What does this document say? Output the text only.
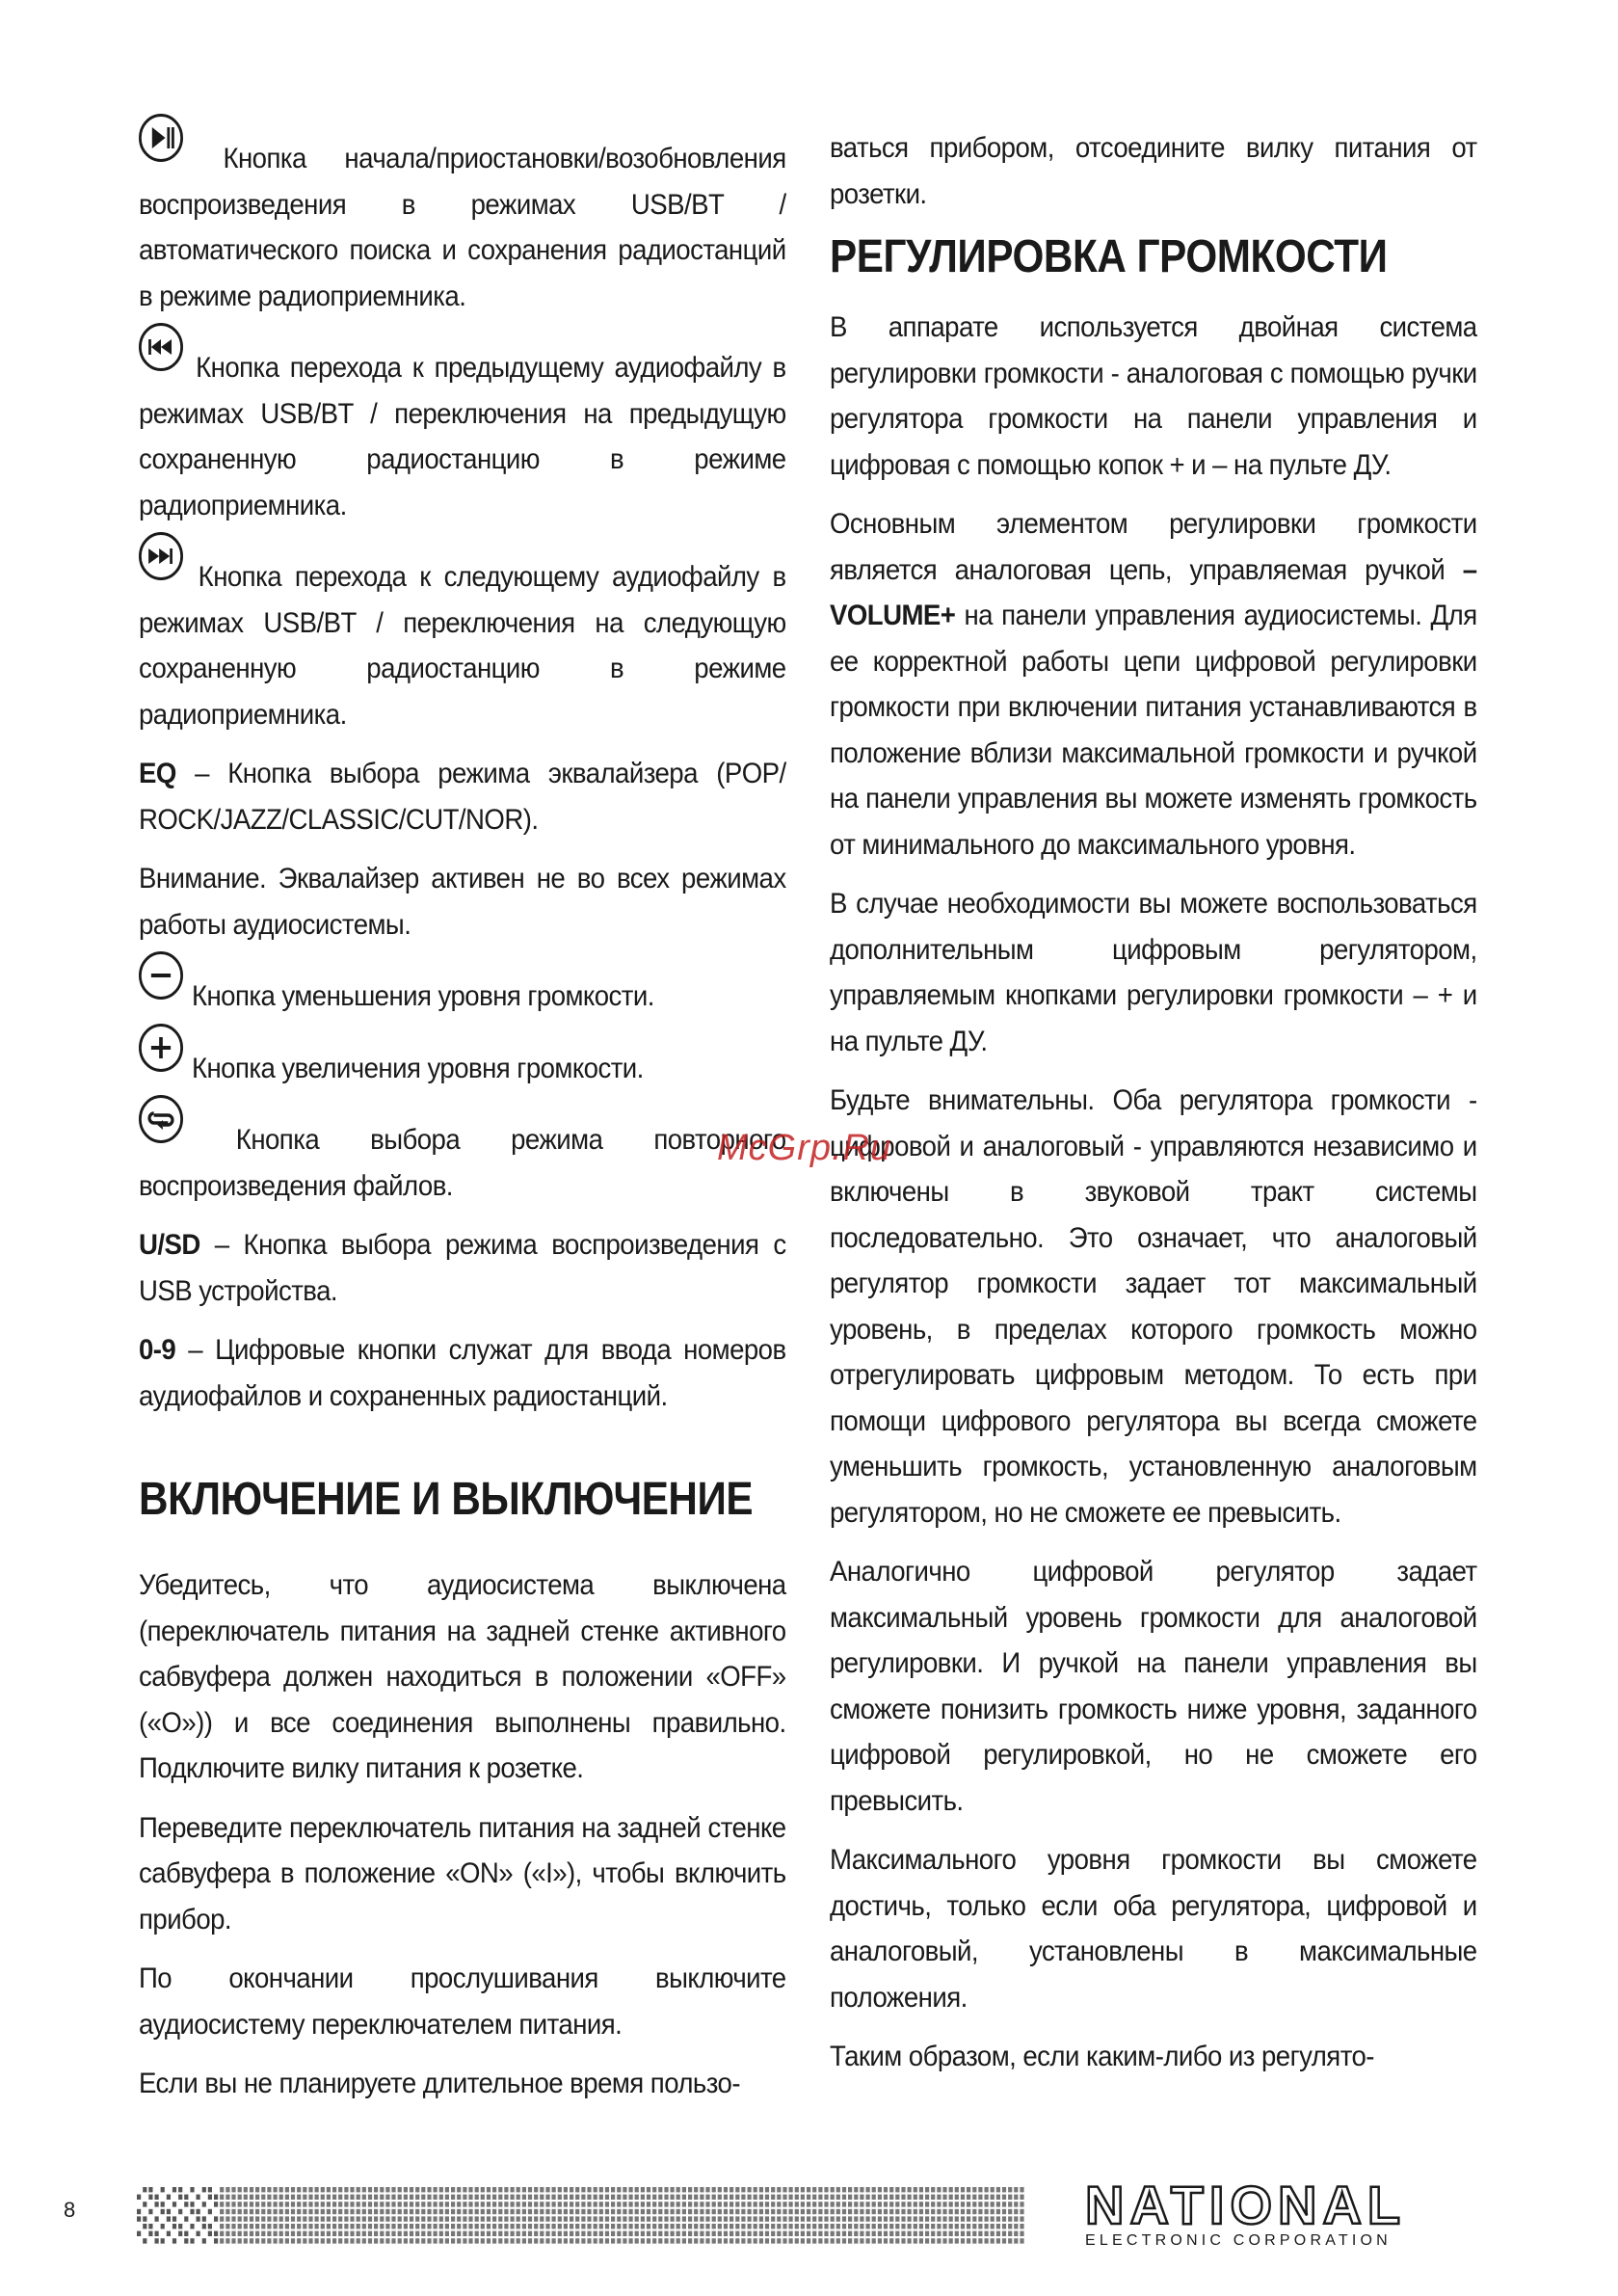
Кнопка начала/приостановки/возобновления воспроизведения в режимах USB/BT / автоматического поиска и сохранения радиостанций в режиме радиоприемника.

Кнопка перехода к предыдущему аудиофайлу в режимах USB/BT / переключения на предыдущую сохраненную радиостанцию в режиме радиоприемника.

Кнопка перехода к следующему аудиофайлу в режимах USB/BT / переключения на следующую сохраненную радиостанцию в режиме радиоприемника.

EQ – Кнопка выбора режима эквалайзера (POP/ ROCK/JAZZ/CLASSIC/CUT/NOR).

Внимание. Эквалайзер активен не во всех режимах работы аудиосистемы.

Кнопка уменьшения уровня громкости.

Кнопка увеличения уровня громкости.

Кнопка выбора режима повторного воспроизведения файлов.

U/SD – Кнопка выбора режима воспроизведения с USB устройства.

0-9 – Цифровые кнопки служат для ввода номеров аудиофайлов и сохраненных радиостанций.

ВКЛЮЧЕНИЕ И ВЫКЛЮЧЕНИЕ

Убедитесь, что аудиосистема выключена (переключатель питания на задней стенке активного сабвуфера должен находиться в положении «OFF» («O»)) и все соединения выполнены правильно. Подключите вилку питания к розетке.

Переведите переключатель питания на задней стенке сабвуфера в положение «ON» («I»), чтобы включить прибор.

По окончании прослушивания выключите аудиосистему переключателем питания.

Если вы не планируете длительное время пользо-

ваться прибором, отсоедините вилку питания от розетки.

РЕГУЛИРОВКА ГРОМКОСТИ

В аппарате используется двойная система регулировки громкости - аналоговая с помощью ручки регулятора громкости на панели управления и цифровая с помощью копок + и – на пульте ДУ.

Основным элементом регулировки громкости является аналоговая цепь, управляемая ручкой –VOLUME+ на панели управления аудиосистемы. Для ее корректной работы цепи цифровой регулировки громкости при включении питания устанавливаются в положение вблизи максимальной громкости и ручкой на панели управления вы можете изменять громкость от минимального до максимального уровня.

В случае необходимости вы можете воспользоваться дополнительным цифровым регулятором, управляемым кнопками регулировки громкости – + и на пульте ДУ.

Будьте внимательны. Оба регулятора громкости - цифровой и аналоговый - управляются независимо и включены в звуковой тракт системы последовательно. Это означает, что аналоговый регулятор громкости задает тот максимальный уровень, в пределах которого громкость можно отрегулировать цифровым методом. То есть при помощи цифрового регулятора вы всегда сможете уменьшить громкость, установленную аналоговым регулятором, но не сможете ее превысить.

Аналогично цифровой регулятор задает максимальный уровень громкости для аналоговой регулировки. И ручкой на панели управления вы сможете понизить громкость ниже уровня, заданного цифровой регулировкой, но не сможете его превысить.

Максимального уровня громкости вы сможете достичь, только если оба регулятора, цифровой и аналоговый, установлены в максимальные положения.

Таким образом, если каким-либо из регулято-

McGrp.Ru
8	NATIONAL
ELECTRONIC CORPORATION
